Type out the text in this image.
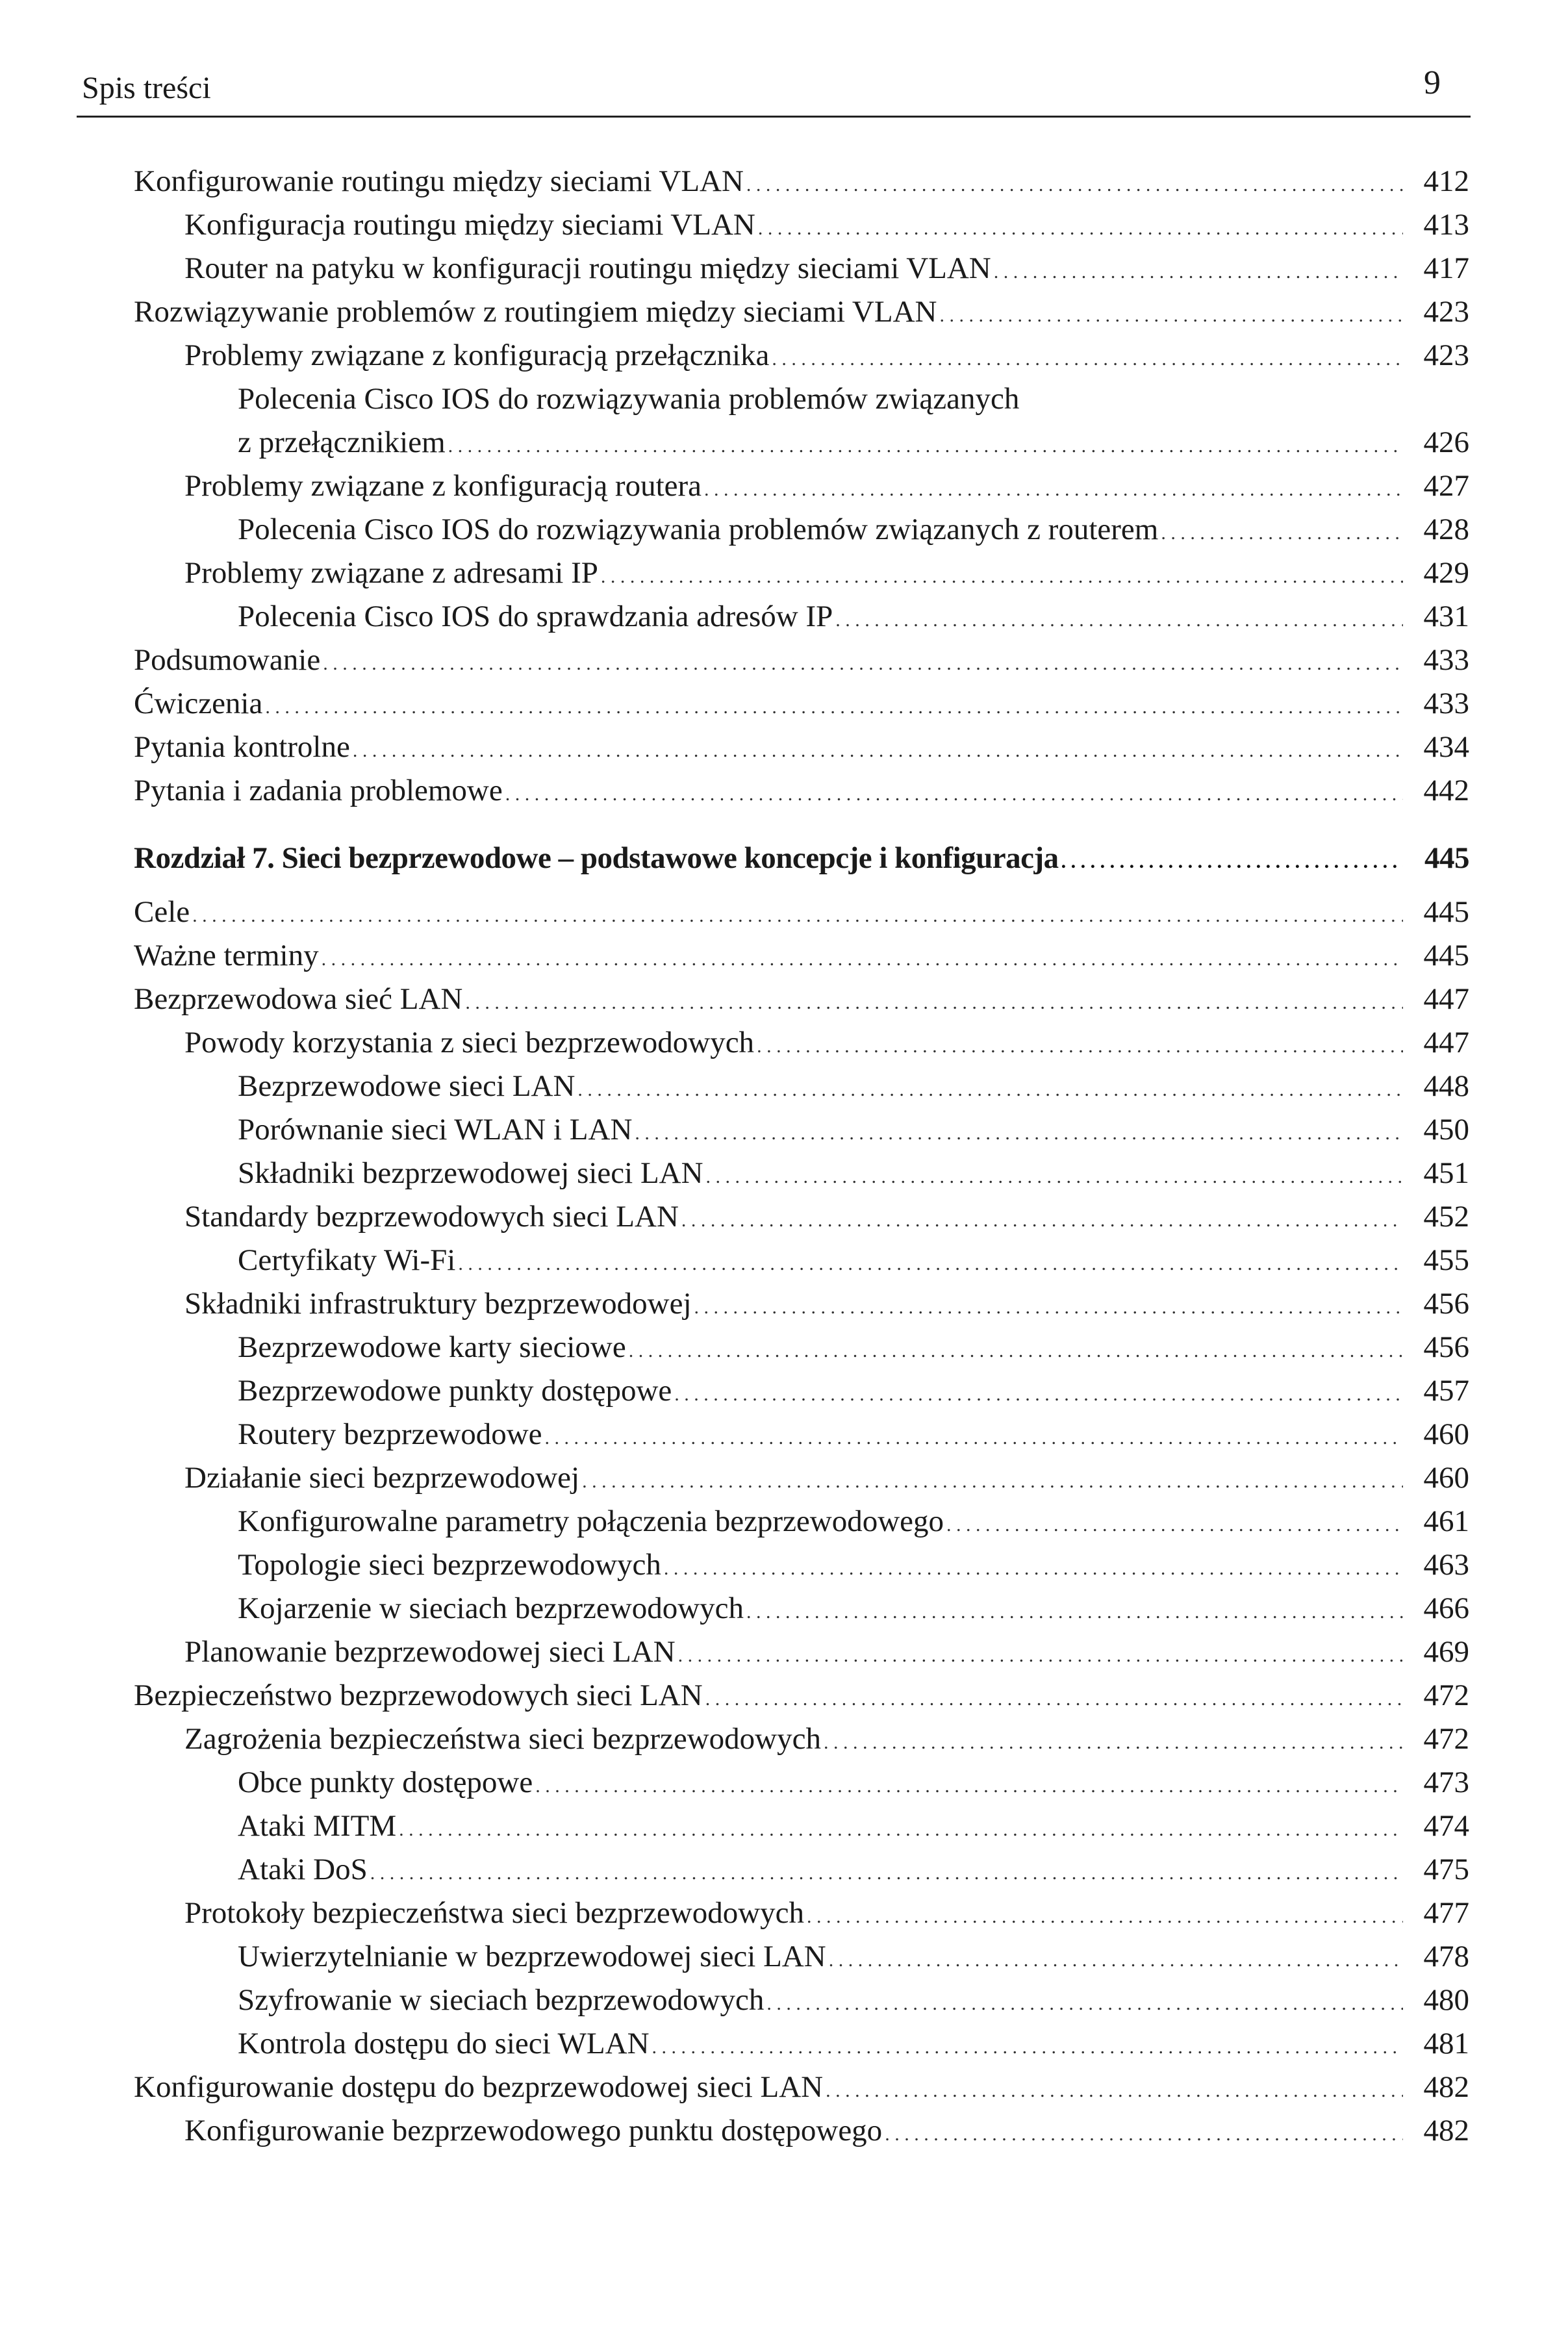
Spis treści	9
Konfigurowanie routingu między sieciami VLAN . . .	412
Konfiguracja routingu między sieciami VLAN . . .	413
Router na patyku w konfiguracji routingu między sieciami VLAN . . .	417
Rozwiązywanie problemów z routingiem między sieciami VLAN . . .	423
Problemy związane z konfiguracją przełącznika . . .	423
Polecenia Cisco IOS do rozwiązywania problemów związanych
z przełącznikiem . . .	426
Problemy związane z konfiguracją routera . . .	427
Polecenia Cisco IOS do rozwiązywania problemów związanych z routerem . . .	428
Problemy związane z adresami IP . . .	429
Polecenia Cisco IOS do sprawdzania adresów IP . . .	431
Podsumowanie . . .	433
Ćwiczenia . . .	433
Pytania kontrolne . . .	434
Pytania i zadania problemowe . . .	442
Rozdział 7. Sieci bezprzewodowe – podstawowe koncepcje i konfiguracja . . .	445
Cele . . .	445
Ważne terminy . . .	445
Bezprzewodowa sieć LAN . . .	447
Powody korzystania z sieci bezprzewodowych . . .	447
Bezprzewodowe sieci LAN . . .	448
Porównanie sieci WLAN i LAN . . .	450
Składniki bezprzewodowej sieci LAN . . .	451
Standardy bezprzewodowych sieci LAN . . .	452
Certyfikaty Wi-Fi . . .	455
Składniki infrastruktury bezprzewodowej . . .	456
Bezprzewodowe karty sieciowe . . .	456
Bezprzewodowe punkty dostępowe . . .	457
Routery bezprzewodowe . . .	460
Działanie sieci bezprzewodowej . . .	460
Konfigurowalne parametry połączenia bezprzewodowego . . .	461
Topologie sieci bezprzewodowych . . .	463
Kojarzenie w sieciach bezprzewodowych . . .	466
Planowanie bezprzewodowej sieci LAN . . .	469
Bezpieczeństwo bezprzewodowych sieci LAN . . .	472
Zagrożenia bezpieczeństwa sieci bezprzewodowych . . .	472
Obce punkty dostępowe . . .	473
Ataki MITM . . .	474
Ataki DoS . . .	475
Protokoły bezpieczeństwa sieci bezprzewodowych . . .	477
Uwierzytelnianie w bezprzewodowej sieci LAN . . .	478
Szyfrowanie w sieciach bezprzewodowych . . .	480
Kontrola dostępu do sieci WLAN . . .	481
Konfigurowanie dostępu do bezprzewodowej sieci LAN . . .	482
Konfigurowanie bezprzewodowego punktu dostępowego . . .	482
